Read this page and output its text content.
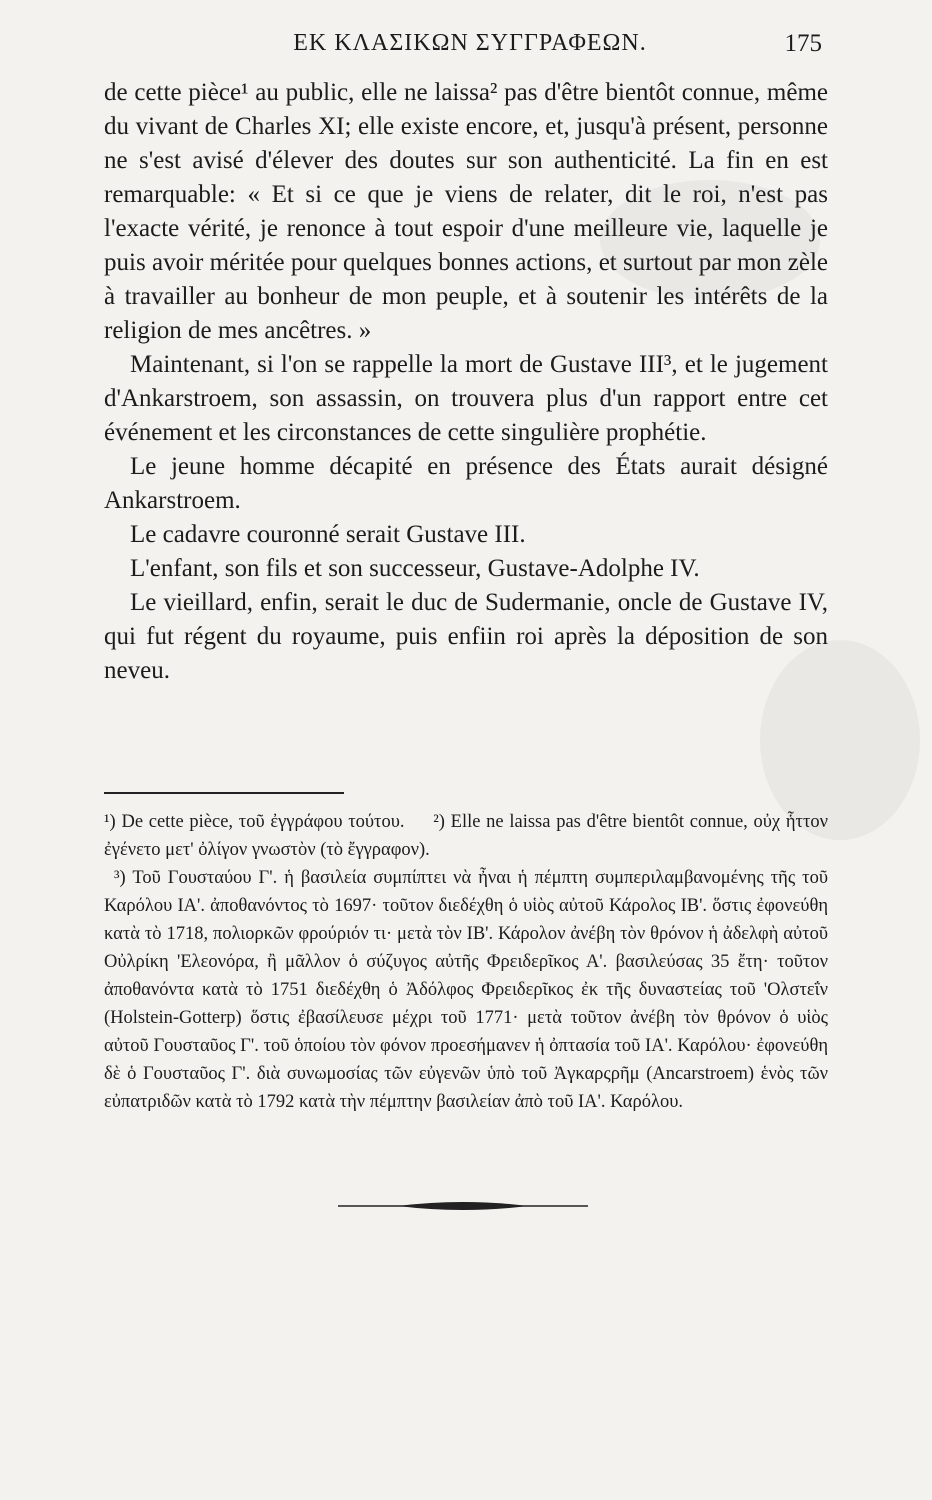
ΕΚ ΚΛΑΣΙΚΩΝ ΣΥΓΓΡΑΦΕΩΝ.	175

de cette pièce¹ au public, elle ne laissa² pas d'être bientôt connue, même du vivant de Charles XI; elle existe encore, et, jusqu'à présent, personne ne s'est avisé d'élever des doutes sur son authenticité. La fin en est remarquable: « Et si ce que je viens de relater, dit le roi, n'est pas l'exacte vérité, je renonce à tout espoir d'une meilleure vie, laquelle je puis avoir méritée pour quelques bonnes actions, et surtout par mon zèle à travailler au bonheur de mon peuple, et à soutenir les intérêts de la religion de mes ancêtres. »

Maintenant, si l'on se rappelle la mort de Gustave III³, et le jugement d'Ankarstroem, son assassin, on trouvera plus d'un rapport entre cet événement et les circonstances de cette singulière prophétie.

Le jeune homme décapité en présence des États aurait désigné Ankarstroem.

Le cadavre couronné serait Gustave III.

L'enfant, son fils et son successeur, Gustave-Adolphe IV.

Le vieillard, enfin, serait le duc de Sudermanie, oncle de Gustave IV, qui fut régent du royaume, puis enfiin roi après la déposition de son neveu.

¹) De cette pièce, τοῦ ἐγγράφου τούτου. ²) Elle ne laissa pas d'être bientôt connue, οὐχ ἧττον ἐγένετο μετ' ὀλίγον γνωστὸν (τὸ ἔγγραφον).

³) Τοῦ Γουσταύου Γ'. ἡ βασιλεία συμπίπτει νὰ ἦναι ἡ πέμπτη συμπεριλαμβανομένης τῆς τοῦ Καρόλου ΙΑ'. ἀποθανόντος τὸ 1697· τοῦτον διεδέχθη ὁ υἱὸς αὐτοῦ Κάρολος ΙΒ'. ὅστις ἐφονεύθη κατὰ τὸ 1718, πολιορκῶν φρούριόν τι· μετὰ τὸν ΙΒ'. Κάρολον ἀνέβη τὸν θρόνον ἡ ἀδελφὴ αὐτοῦ Οὐλρίκη 'Ελεονόρα, ἢ μᾶλλον ὁ σύζυγος αὐτῆς Φρειδερῖκος Α'. βασιλεύσας 35 ἔτη· τοῦτον ἀποθανόντα κατὰ τὸ 1751 διεδέχθη ὁ Ἀδόλφος Φρειδερῖκος ἐκ τῆς δυναστείας τοῦ 'Ολστεΐν (Holstein-Gotterp) ὅστις ἐβασίλευσε μέχρι τοῦ 1771· μετὰ τοῦτον ἀνέβη τὸν θρόνον ὁ υἱὸς αὐτοῦ Γουσταῦος Γ'. τοῦ ὁποίου τὸν φόνον προεσήμανεν ἡ ὀπτασία τοῦ ΙΑ'. Καρόλου· ἐφονεύθη δὲ ὁ Γουσταῦος Γ'. διὰ συνωμοσίας τῶν εὐγενῶν ὑπὸ τοῦ Ἀγκαρςρῆμ (Ancarstroem) ἑνὸς τῶν εὐπατριδῶν κατὰ τὸ 1792 κατὰ τὴν πέμπτην βασιλείαν ἀπὸ τοῦ ΙΑ'. Καρόλου.
